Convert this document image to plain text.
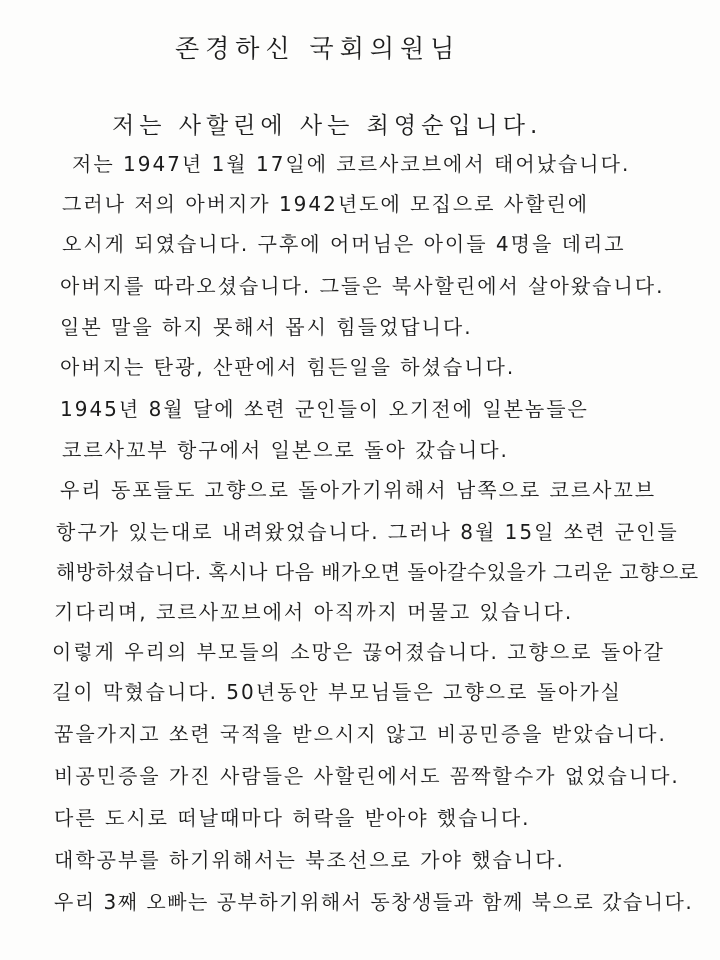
존경하신 국회의원님
저는 사할린에 사는 최영순입니다.
저는 1947년 1월 17일에 코르사코브에서 태어났습니다.
그러나 저의 아버지가 1942년도에 모집으로 사할린에
오시게 되였습니다. 구후에 어머님은 아이들 4명을 데리고
아버지를 따라오셨습니다. 그들은 북사할린에서 살아왔습니다.
일본 말을 하지 못해서 몹시 힘들었답니다.
아버지는 탄광, 산판에서 힘든일을 하셨습니다.
1945년 8월 달에 쏘련 군인들이 오기전에 일본놈들은
코르사꼬부 항구에서 일본으로 돌아 갔습니다.
우리 동포들도 고향으로 돌아가기위해서 남쪽으로 코르사꼬브
항구가 있는대로 내려왔었습니다. 그러나 8월 15일 쏘련 군인들
해방하셨습니다. 혹시나 다음 배가오면 돌아갈수있을가 그리운 고향으로
기다리며, 코르사꼬브에서 아직까지 머물고 있습니다.
이렇게 우리의 부모들의 소망은 끊어졌습니다. 고향으로 돌아갈
길이 막혔습니다. 50년동안 부모님들은 고향으로 돌아가실
꿈을가지고 쏘련 국적을 받으시지 않고 비공민증을 받았습니다.
비공민증을 가진 사람들은 사할린에서도 꼼짝할수가 없었습니다.
다른 도시로 떠날때마다 허락을 받아야 했습니다.
대학공부를 하기위해서는 북조선으로 가야 했습니다.
우리 3째 오빠는 공부하기위해서 동창생들과 함께 북으로 갔습니다.
